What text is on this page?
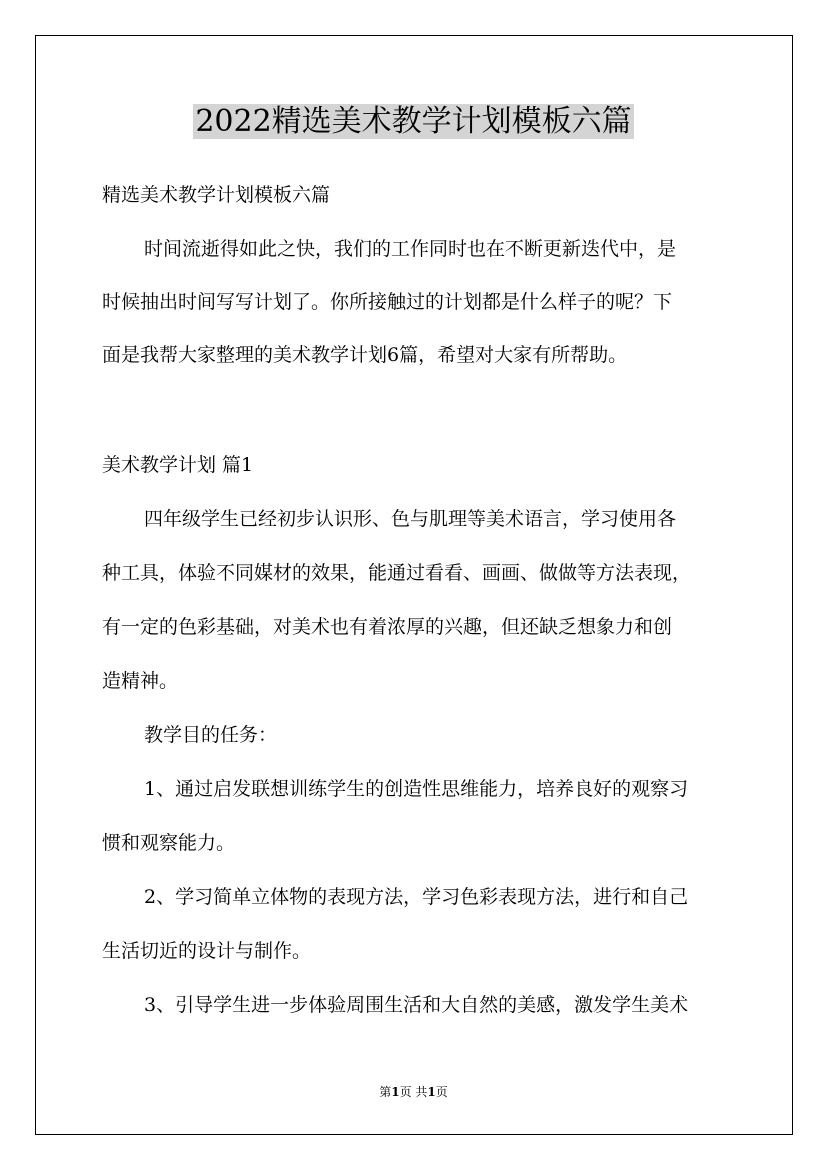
2022精选美术教学计划模板六篇
精选美术教学计划模板六篇
时间流逝得如此之快，我们的工作同时也在不断更新迭代中，是
时候抽出时间写写计划了。你所接触过的计划都是什么样子的呢？下
面是我帮大家整理的美术教学计划6篇，希望对大家有所帮助。
美术教学计划 篇1
四年级学生已经初步认识形、色与肌理等美术语言，学习使用各
种工具，体验不同媒材的效果，能通过看看、画画、做做等方法表现，
有一定的色彩基础，对美术也有着浓厚的兴趣，但还缺乏想象力和创
造精神。
教学目的任务：
1、通过启发联想训练学生的创造性思维能力，培养良好的观察习
惯和观察能力。
2、学习简单立体物的表现方法，学习色彩表现方法，进行和自己
生活切近的设计与制作。
3、引导学生进一步体验周围生活和大自然的美感，激发学生美术
第1页 共1页
